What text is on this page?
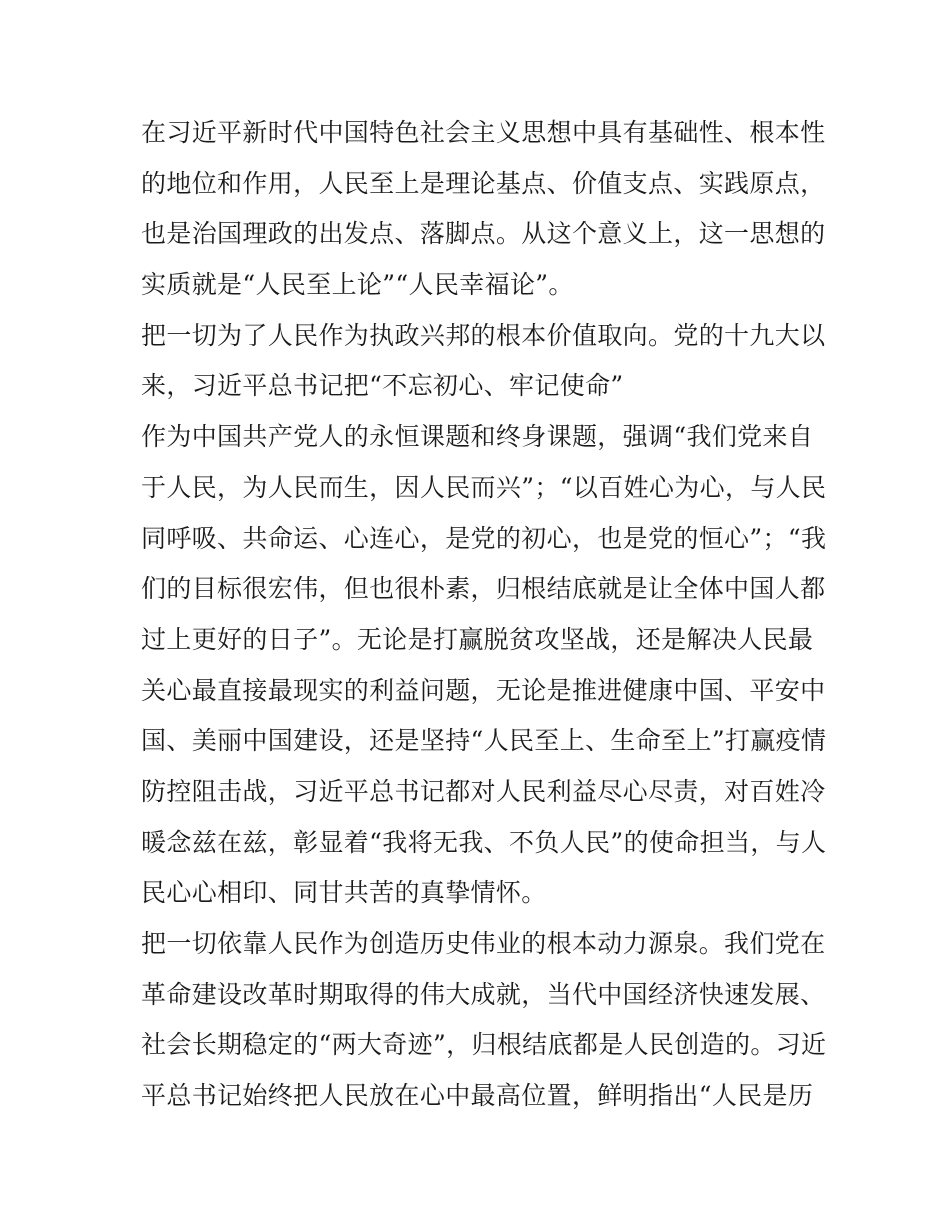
在习近平新时代中国特色社会主义思想中具有基础性、根本性
的地位和作用，人民至上是理论基点、价值支点、实践原点，
也是治国理政的出发点、落脚点。从这个意义上，这一思想的
实质就是“人民至上论”“人民幸福论”。
把一切为了人民作为执政兴邦的根本价值取向。党的十九大以
来，习近平总书记把“不忘初心、牢记使命”
作为中国共产党人的永恒课题和终身课题，强调“我们党来自
于人民，为人民而生，因人民而兴”；“以百姓心为心，与人民
同呼吸、共命运、心连心，是党的初心，也是党的恒心”；“我
们的目标很宏伟，但也很朴素，归根结底就是让全体中国人都
过上更好的日子”。无论是打赢脱贫攻坚战，还是解决人民最
关心最直接最现实的利益问题，无论是推进健康中国、平安中
国、美丽中国建设，还是坚持“人民至上、生命至上”打赢疫情
防控阻击战，习近平总书记都对人民利益尽心尽责，对百姓冷
暖念兹在兹，彰显着“我将无我、不负人民”的使命担当，与人
民心心相印、同甘共苦的真挚情怀。
把一切依靠人民作为创造历史伟业的根本动力源泉。我们党在
革命建设改革时期取得的伟大成就，当代中国经济快速发展、
社会长期稳定的“两大奇迹”，归根结底都是人民创造的。习近
平总书记始终把人民放在心中最高位置，鲜明指出“人民是历
